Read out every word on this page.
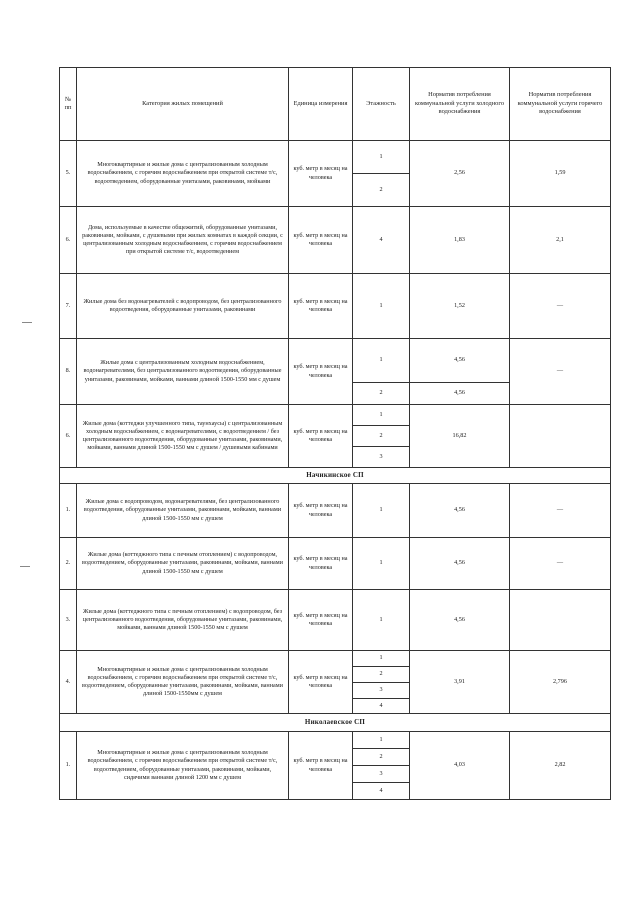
№ пп	Категория жилых помещений	Единица измерения	Этажность	Норматив потребления коммунальной услуги холодного водоснабжения	Норматив потребления коммунальной услуги горячего водоснабжения
5.	Многоквартирные и жилые дома с централизованным холодным водоснабжением, с горячим водоснабжением при открытой системе т/с, водоотведением, оборудованные унитазами, раковинами, мойками	куб. метр в месяц на человека	1	2,56	1,59
			2		
6.	Дома, используемые в качестве общежитий, оборудованные унитазами, раковинами, мойками, с душевыми при жилых комнатах в каждой секции, с централизованным холодным водоснабжением, с горячим водоснабжением при открытой системе т/с, водоотведением	куб. метр в месяц на человека	4	1,83	2,1
7.	Жилые дома без водонагревателей с водопроводом, без централизованного водоотведения, оборудованные унитазами, раковинами	куб. метр в месяц на человека	1	1,52	—
8.	Жилые дома с централизованным холодным водоснабжением, водонагревателями, без централизованного водоотведения, оборудованные унитазами, раковинами, мойками, ваннами длиной 1500-1550 мм с душем	куб. метр в месяц на человека	1	4,56	—
			2	4,56	
6.	Жилые дома (коттеджи улучшенного типа, таунхаусы) с централизованным холодным водоснабжением, с водонагревателями, с водоотведением / без централизованного водоотведения, оборудованные унитазами, раковинами, мойками, ваннами длиной 1500-1550 мм с душем / душевыми кабинами	куб. метр в месяц на человека	1	16,82	
			2		
			3		
Начикинское СП					
1.	Жилые дома с водопроводом, водонагревателями, без централизованного водоотведения, оборудованные унитазами, раковинами, мойками, ваннами длиной 1500-1550 мм с душем	куб. метр в месяц на человека	1	4,56	—
2.	Жилые дома (коттеджного типа с печным отоплением) с водопроводом, водоотведением, оборудованные унитазами, раковинами, мойками, ваннами длиной 1500-1550 мм с душем	куб. метр в месяц на человека	1	4,56	—
3.	Жилые дома (коттеджного типа с печным отоплением) с водопроводом, без централизованного водоотведения, оборудованные унитазами, раковинами, мойками, ваннами длиной 1500-1550 мм с душем	куб. метр в месяц на человека	1	4,56	
4.	Многоквартирные и жилые дома с централизованным холодным водоснабжением, с горячим водоснабжением при открытой системе т/с, водоотведением, оборудованные унитазами, раковинами, мойками, ваннами длиной 1500-1550мм с душем	куб. метр в месяц на человека	1	3,91	2,796
			2		
			3		
			4		
Николаевское СП					
1.	Многоквартирные и жилые дома с централизованным холодным водоснабжением, с горячим водоснабжением при открытой системе т/с, водоотведением, оборудованные унитазами, раковинами, мойками, сидячими ваннами длиной 1200 мм с душем	куб. метр в месяц на человека	1	4,03	2,82
			2		
			3		
			4		
